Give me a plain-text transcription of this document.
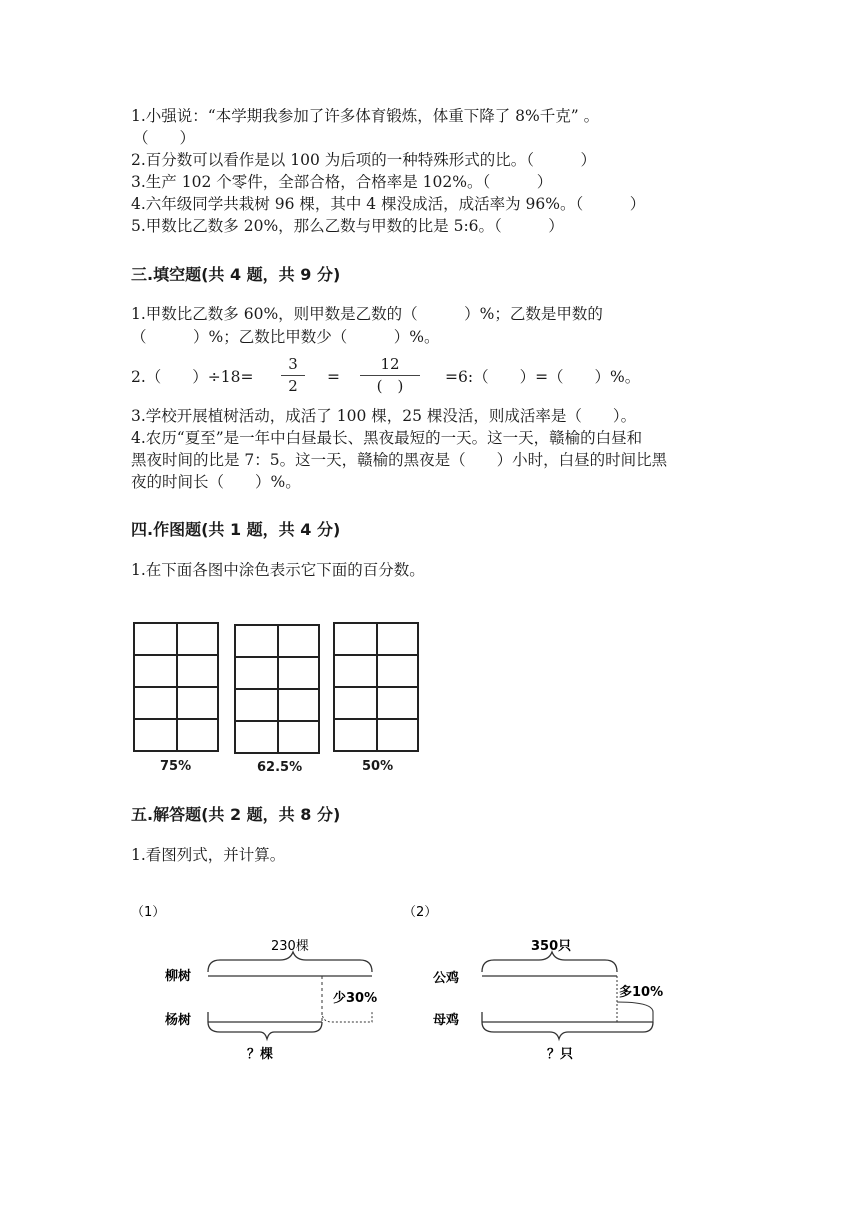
1.小强说：“本学期我参加了许多体育锻炼，体重下降了 8%千克” 。
（　　）
2.百分数可以看作是以 100 为后项的一种特殊形式的比。（　　　）
3.生产 102 个零件，全部合格，合格率是 102%。（　　　）
4.六年级同学共栽树 96 棵，其中 4 棵没成活，成活率为 96%。（　　　）
5.甲数比乙数多 20%，那么乙数与甲数的比是 5:6。（　　　）
三.填空题(共 4 题，共 9 分)
1.甲数比乙数多 60%，则甲数是乙数的（　　　）%；乙数是甲数的
（　　　）%；乙数比甲数少（　　　）%。
2.（　　）÷18=
3
2	=
12
(　)	=6:（　　）=（　　）%。
3.学校开展植树活动，成活了 100 棵，25 棵没活，则成活率是（　　）。
4.农历“夏至”是一年中白昼最长、黑夜最短的一天。这一天，赣榆的白昼和
黑夜时间的比是 7：5。这一天，赣榆的黑夜是（　　）小时，白昼的时间比黑
夜的时间长（　　）%。
四.作图题(共 1 题，共 4 分)
1.在下面各图中涂色表示它下面的百分数。
75%	62.5%	50%
五.解答题(共 2 题，共 8 分)
1.看图列式，并计算。
（1）
230棵
柳树
少30%
杨树
？棵
（2）
350只
公鸡
多10%
母鸡
？只
